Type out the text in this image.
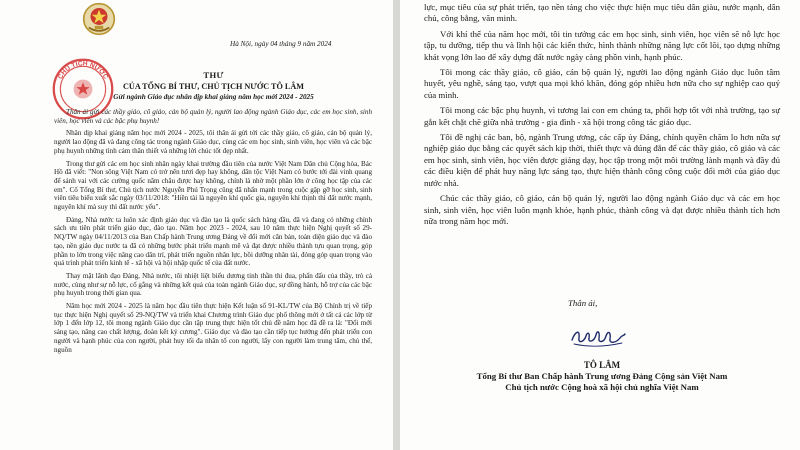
CHỦ TỊCH NƯỚC
Hà Nội, ngày 04 tháng 9 năm 2024
THƯ
CỦA TỔNG BÍ THƯ, CHỦ TỊCH NƯỚC TÔ LÂM
Gửi ngành Giáo dục nhân dịp khai giảng năm học mới 2024 - 2025

Thân ái gửi các thầy giáo, cô giáo, cán bộ quản lý, người lao động ngành Giáo dục, các em học sinh, sinh viên, học viên và các bậc phụ huynh!

Nhân dịp khai giảng năm học mới 2024 - 2025, tôi thân ái gửi tới các thầy giáo, cô giáo, cán bộ quản lý, người lao động đã và đang công tác trong ngành Giáo dục, cùng các em học sinh, sinh viên, học viên và các bậc phụ huynh những tình cảm thân thiết và những lời chúc tốt đẹp nhất.

Trong thư gửi các em học sinh nhân ngày khai trường đầu tiên của nước Việt Nam Dân chủ Cộng hòa, Bác Hồ đã viết: "Non sông Việt Nam có trở nên tươi đẹp hay không, dân tộc Việt Nam có bước tới đài vinh quang để sánh vai với các cường quốc năm châu được hay không, chính là nhờ một phần lớn ở công học tập của các em". Cố Tổng Bí thư, Chủ tịch nước Nguyễn Phú Trọng cũng đã nhấn mạnh trong cuộc gặp gỡ học sinh, sinh viên tiêu biểu xuất sắc ngày 03/11/2018: "Hiền tài là nguyên khí quốc gia, nguyên khí thịnh thì đất nước mạnh, nguyên khí mà suy thì đất nước yếu".

Đảng, Nhà nước ta luôn xác định giáo dục và đào tạo là quốc sách hàng đầu, đã và đang có những chính sách ưu tiên phát triển giáo dục, đào tạo. Năm học 2023 - 2024, sau 10 năm thực hiện Nghị quyết số 29-NQ/TW ngày 04/11/2013 của Ban Chấp hành Trung ương Đảng về đổi mới căn bản, toàn diện giáo dục và đào tạo, nền giáo dục nước ta đã có những bước phát triển mạnh mẽ và đạt được nhiều thành tựu quan trọng, góp phần to lớn trong việc nâng cao dân trí, phát triển nguồn nhân lực, bồi dưỡng nhân tài, đóng góp quan trọng vào quá trình phát triển kinh tế - xã hội và hội nhập quốc tế của đất nước.

Thay mặt lãnh đạo Đảng, Nhà nước, tôi nhiệt liệt biểu dương tinh thần thi đua, phấn đấu của thầy, trò cả nước, cùng như sự nỗ lực, cố gắng và những kết quả của toàn ngành Giáo dục, sự đồng hành, hỗ trợ của các bậc phụ huynh trong thời gian qua.

Năm học mới 2024 - 2025 là năm học đầu tiên thực hiện Kết luận số 91-KL/TW của Bộ Chính trị về tiếp tục thực hiện Nghị quyết số 29-NQ/TW và triển khai Chương trình Giáo dục phổ thông mới ở tất cả các lớp từ lớp 1 đến lớp 12, tôi mong ngành Giáo dục cần tập trung thực hiện tốt chủ đề năm học đã đề ra là: "Đổi mới sáng tạo, nâng cao chất lượng, đoàn kết kỷ cương". Giáo dục và đào tạo cần tiếp tục hướng đến phát triển con người và hạnh phúc của con người, phát huy tối đa nhân tố con người, lấy con người làm trung tâm, chủ thể, nguồn

lực, mục tiêu của sự phát triển, tạo nền tảng cho việc thực hiện mục tiêu dân giàu, nước mạnh, dân chủ, công bằng, văn minh.

Với khí thế của năm học mới, tôi tin tưởng các em học sinh, sinh viên, học viên sẽ nỗ lực học tập, tu dưỡng, tiếp thu và lĩnh hội các kiến thức, hình thành những năng lực cốt lõi, tạo dựng những khát vọng lớn lao để xây dựng đất nước ngày càng phồn vinh, hạnh phúc.

Tôi mong các thầy giáo, cô giáo, cán bộ quản lý, người lao động ngành Giáo dục luôn tâm huyết, yêu nghề, sáng tạo, vượt qua mọi khó khăn, đóng góp nhiều hơn nữa cho sự nghiệp cao quý của mình.

Tôi mong các bậc phụ huynh, vì tương lai con em chúng ta, phối hợp tốt với nhà trường, tạo sự gắn kết chặt chẽ giữa nhà trường - gia đình - xã hội trong công tác giáo dục.

Tôi đề nghị các ban, bộ, ngành Trung ương, các cấp ủy Đảng, chính quyền chăm lo hơn nữa sự nghiệp giáo dục bằng các quyết sách kịp thời, thiết thực và đúng đắn để các thầy giáo, cô giáo và các em học sinh, sinh viên, học viên được giảng dạy, học tập trong một môi trường lành mạnh và đầy đủ các điều kiện để phát huy năng lực sáng tạo, thực hiện thành công công cuộc đổi mới của giáo dục nước nhà.

Chúc các thầy giáo, cô giáo, cán bộ quản lý, người lao động ngành Giáo dục và các em học sinh, sinh viên, học viên luôn mạnh khỏe, hạnh phúc, thành công và đạt được nhiều thành tích hơn nữa trong năm học mới.

Thân ái,
TÔ LÂM
Tổng Bí thư Ban Chấp hành Trung ương Đảng Cộng sản Việt Nam
Chủ tịch nước Cộng hoà xã hội chủ nghĩa Việt Nam
